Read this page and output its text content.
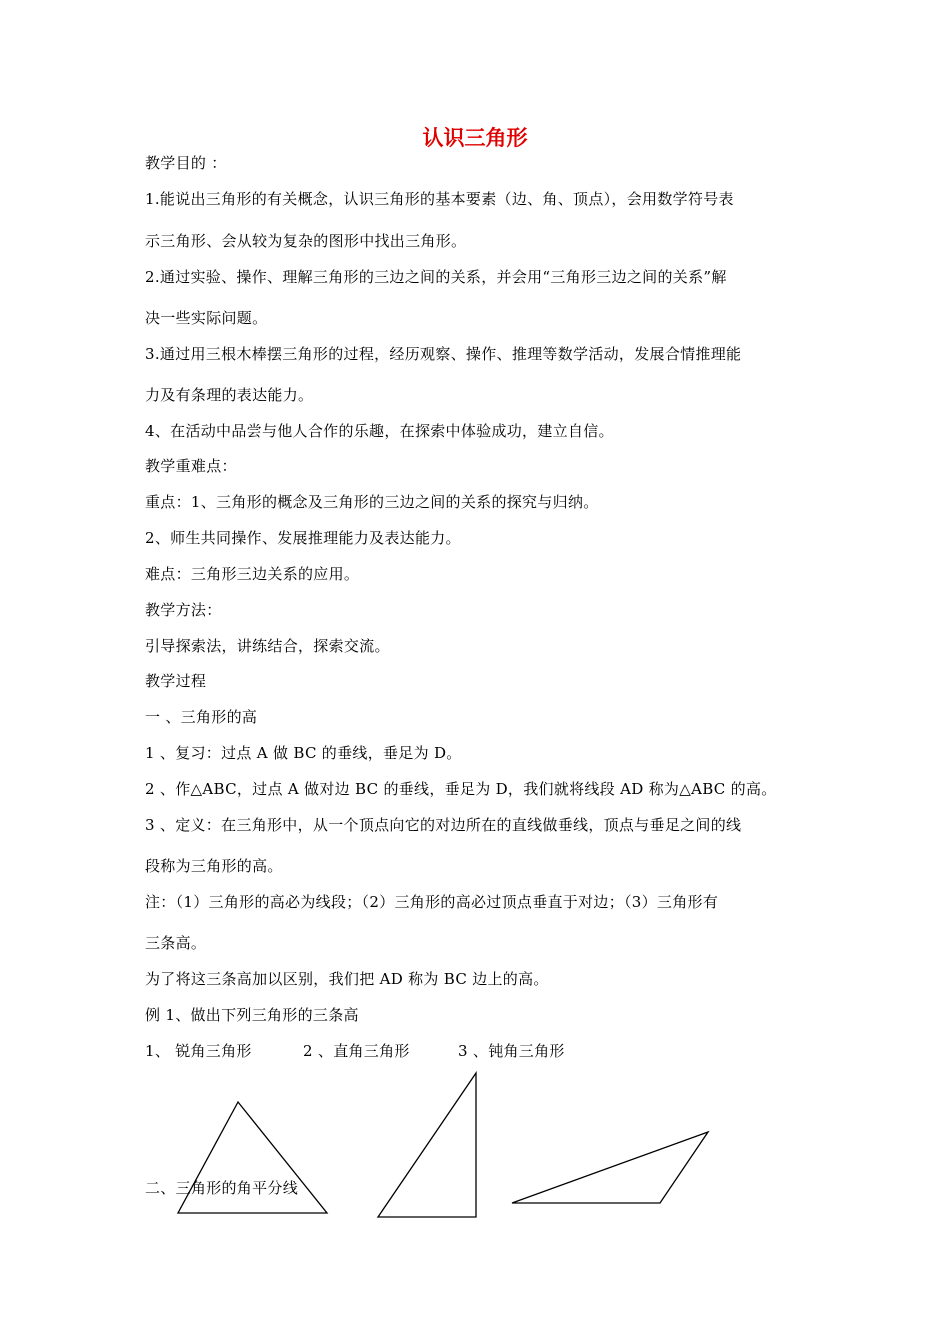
认识三角形
教学目的 ：
1.能说出三角形的有关概念，认识三角形的基本要素（边、角、顶点），会用数学符号表
示三角形、会从较为复杂的图形中找出三角形。
2.通过实验、操作、理解三角形的三边之间的关系，并会用“三角形三边之间的关系”解
决一些实际问题。
3.通过用三根木棒摆三角形的过程，经历观察、操作、推理等数学活动，发展合情推理能
力及有条理的表达能力。
4、在活动中品尝与他人合作的乐趣，在探索中体验成功，建立自信。
教学重难点：
重点：1、三角形的概念及三角形的三边之间的关系的探究与归纳。
2、师生共同操作、发展推理能力及表达能力。
难点：三角形三边关系的应用。
教学方法：
引导探索法，讲练结合，探索交流。
教学过程
一 、三角形的高
1 、复习：过点 A 做 BC 的垂线，垂足为 D。
2 、作△ABC，过点 A 做对边 BC 的垂线，垂足为 D，我们就将线段 AD 称为△ABC 的高。
3 、定义：在三角形中，从一个顶点向它的对边所在的直线做垂线，顶点与垂足之间的线
段称为三角形的高。
注：（1）三角形的高必为线段；（2）三角形的高必过顶点垂直于对边；（3）三角形有
三条高。
为了将这三条高加以区别，我们把 AD 称为 BC 边上的高。
例 1、做出下列三角形的三条高
1、 锐角三角形	2 、直角三角形	3 、钝角三角形
二、三角形的角平分线
